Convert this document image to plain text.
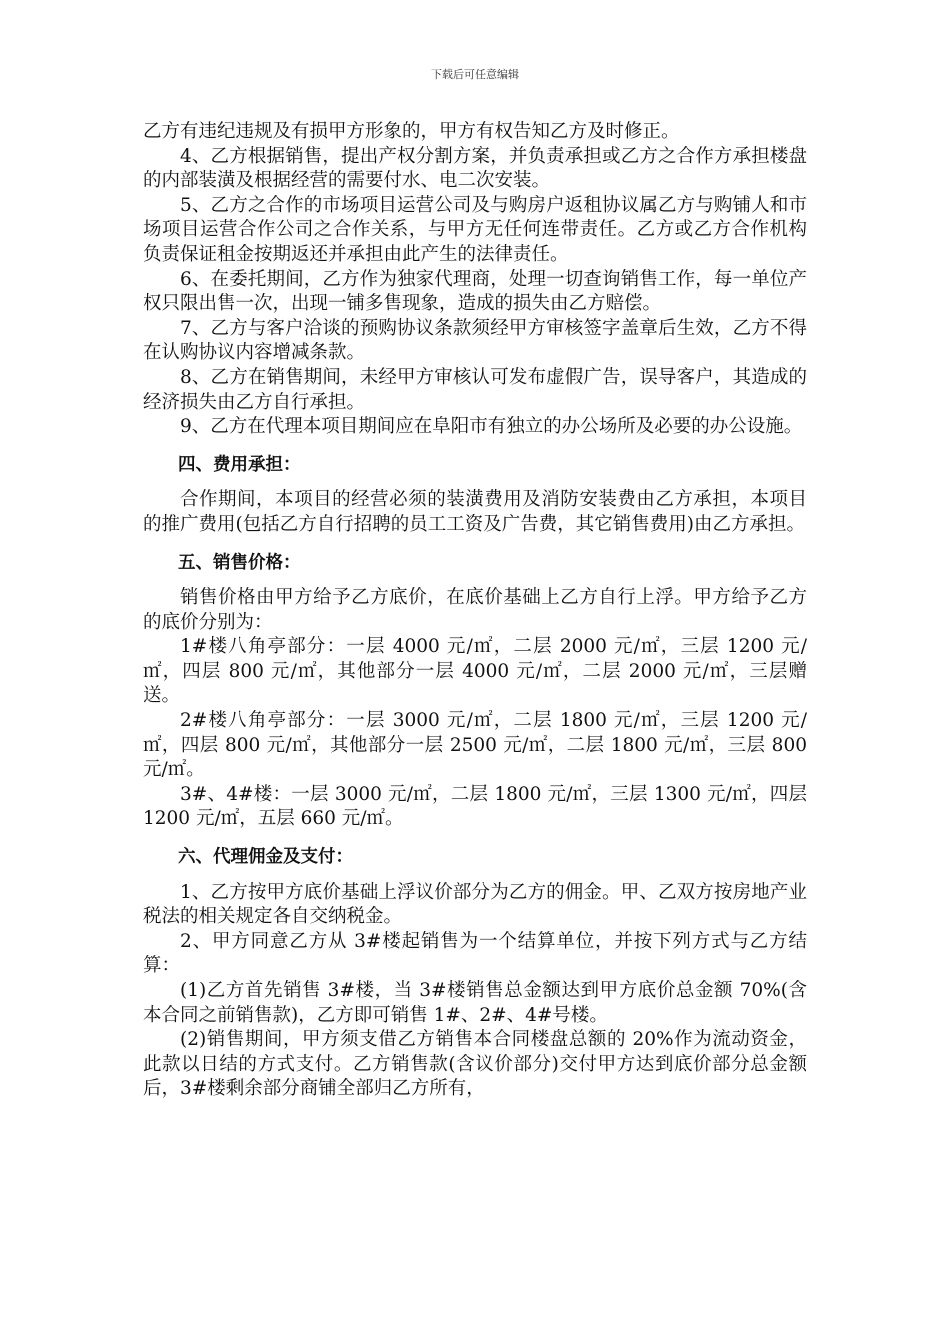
下载后可任意编辑

乙方有违纪违规及有损甲方形象的，甲方有权告知乙方及时修正。

4、乙方根据销售，提出产权分割方案，并负责承担或乙方之合作方承担楼盘的内部装潢及根据经营的需要付水、电二次安装。

5、乙方之合作的市场项目运营公司及与购房户返租协议属乙方与购铺人和市场项目运营合作公司之合作关系，与甲方无任何连带责任。乙方或乙方合作机构负责保证租金按期返还并承担由此产生的法律责任。

6、在委托期间，乙方作为独家代理商，处理一切查询销售工作，每一单位产权只限出售一次，出现一铺多售现象，造成的损失由乙方赔偿。

7、乙方与客户洽谈的预购协议条款须经甲方审核签字盖章后生效，乙方不得在认购协议内容增减条款。

8、乙方在销售期间，未经甲方审核认可发布虚假广告，误导客户，其造成的经济损失由乙方自行承担。

9、乙方在代理本项目期间应在阜阳市有独立的办公场所及必要的办公设施。

四、费用承担：

合作期间，本项目的经营必须的装潢费用及消防安装费由乙方承担，本项目的推广费用(包括乙方自行招聘的员工工资及广告费，其它销售费用)由乙方承担。

五、销售价格：

销售价格由甲方给予乙方底价，在底价基础上乙方自行上浮。甲方给予乙方的底价分别为：

1#楼八角亭部分：一层 4000 元/㎡，二层 2000 元/㎡，三层 1200 元/㎡，四层 800 元/㎡，其他部分一层 4000 元/㎡，二层 2000 元/㎡，三层赠送。

2#楼八角亭部分：一层 3000 元/㎡，二层 1800 元/㎡，三层 1200 元/㎡，四层 800 元/㎡，其他部分一层 2500 元/㎡，二层 1800 元/㎡，三层 800 元/㎡。

3#、4#楼：一层 3000 元/㎡，二层 1800 元/㎡，三层 1300 元/㎡，四层 1200 元/㎡，五层 660 元/㎡。

六、代理佣金及支付：

1、乙方按甲方底价基础上浮议价部分为乙方的佣金。甲、乙双方按房地产业税法的相关规定各自交纳税金。

2、甲方同意乙方从 3#楼起销售为一个结算单位，并按下列方式与乙方结算：

(1)乙方首先销售 3#楼，当 3#楼销售总金额达到甲方底价总金额 70%(含本合同之前销售款)，乙方即可销售 1#、2#、4#号楼。

(2)销售期间，甲方须支借乙方销售本合同楼盘总额的 20%作为流动资金，此款以日结的方式支付。乙方销售款(含议价部分)交付甲方达到底价部分总金额后，3#楼剩余部分商铺全部归乙方所有，
